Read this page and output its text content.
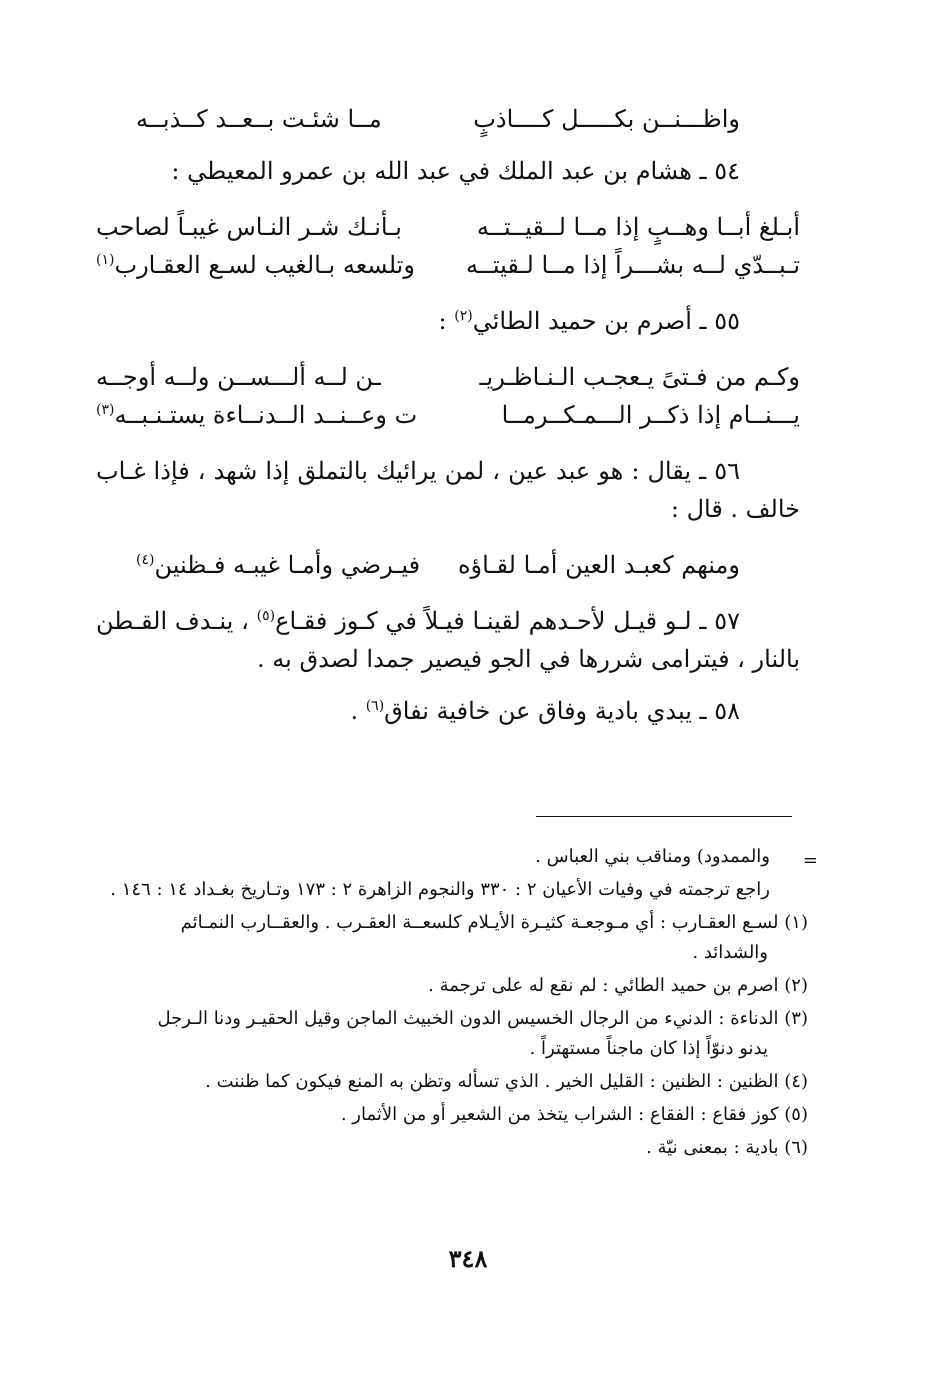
واظـــنــن بكـــــل كــــاذبٍ
مــا شئـت بــعــد كــذبــه

٥٤ ـ هشام بن عبد الملك في عبد الله بن عمرو المعيطي :

أبـلغ أبــا وهــبٍ إذا مــا لــقيــتــه
بـأنـك شـر النـاس غيبـاً لصاحب
تـبــدّي لــه بشـــراً إذا مــا لـقيتــه
وتلسعه بـالغيب لسـع العقـارب$^{(١)}$

٥٥ ـ أصرم بن حميد الطائي$^{(٢)}$ :

وكـم من فـتىً يـعجـب الـنـاظـريـ
ـن لــه ألـــســن ولــه أوجــه
يـــنــام إذا ذكــر الـــمـكــرمــا
ت وعــنــد الــدنــاءة يستـنـبــه$^{(٣)}$

٥٦ ـ يقال : هو عبد عين ، لمن يرائيك بالتملق إذا شهد ، فإذا غـاب خالف . قال :

ومنهم كعبـد العين أمـا لقـاؤه
فيـرضي وأمـا غيبـه فـظنين$^{(٤)}$

٥٧ ـ لـو قيـل لأحـدهم لقينـا فيـلاً في كـوز فقـاع$^{(٥)}$ ، ينـدف القـطن بالنار ، فيترامى شررها في الجو فيصير جمدا لصدق به .

٥٨ ـ يبدي بادية وفاق عن خافية نفاق$^{(٦)}$ .

=

والممدود) ومناقب بني العباس .

راجع ترجمته في وفيات الأعيان ٢ : ٣٣٠ والنجوم الزاهرة ٢ : ١٧٣ وتـاريخ بغـداد ١٤ : ١٤٦ .

(١) لسـع العقـارب : أي مـوجعـة كثيـرة الأيـلام كلسعــة العقـرب . والعقــارب النمـائم
والشدائد .

(٢) اصرم بن حميد الطائي : لم نقع له على ترجمة .

(٣) الدناءة : الدنيء من الرجال الخسيس الدون الخبيث الماجن وقيل الحقيـر ودنا الـرجل
يدنو دنوّاً إذا كان ماجناً مستهتراً .

(٤) الظنين : الظنين : القليل الخير . الذي تسأله وتظن به المنع فيكون كما ظننت .

(٥) كوز فقاع : الفقاع : الشراب يتخذ من الشعير أو من الأثمار .

(٦) بادية : بمعنى نيّة .

٣٤٨
